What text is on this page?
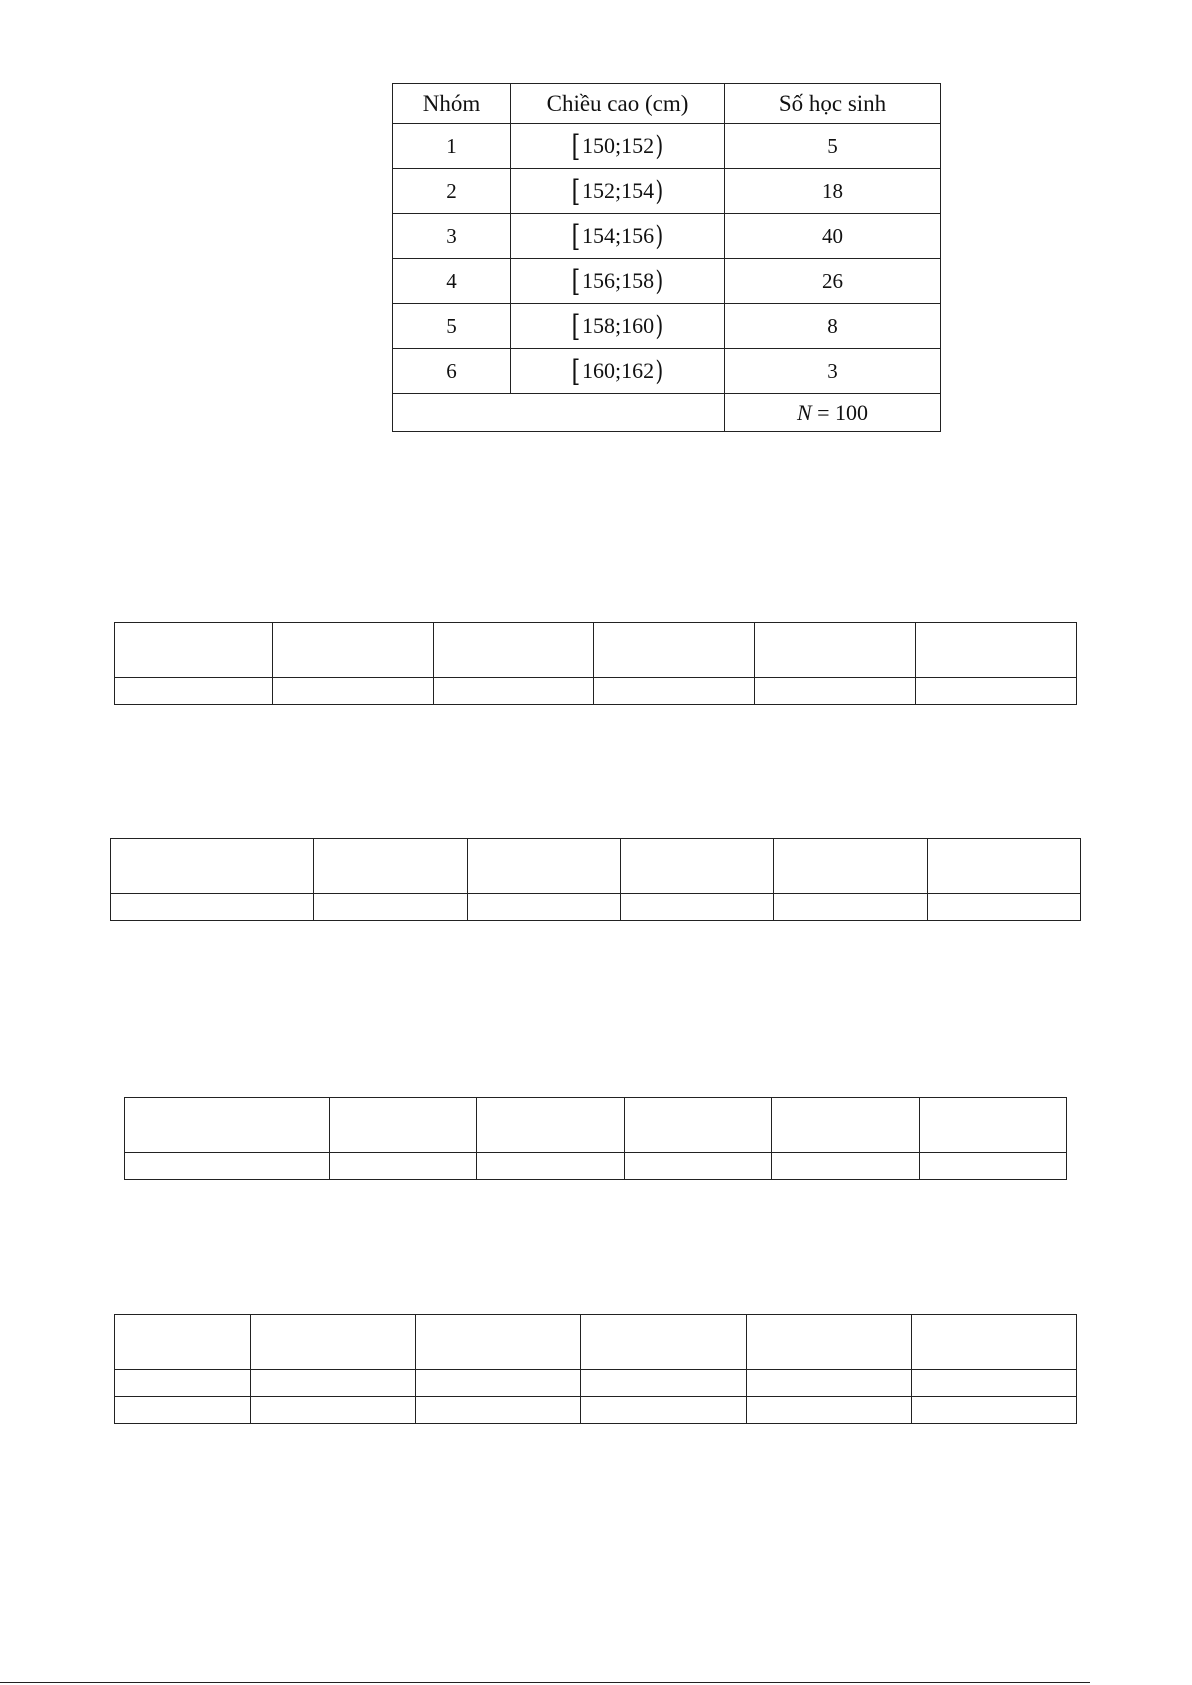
Nhóm	Chiều cao (cm)	Số học sinh
1	[150;152)	5
2	[152;154)	18
3	[154;156)	40
4	[156;158)	26
5	[158;160)	8
6	[160;162)	3
		N = 100
